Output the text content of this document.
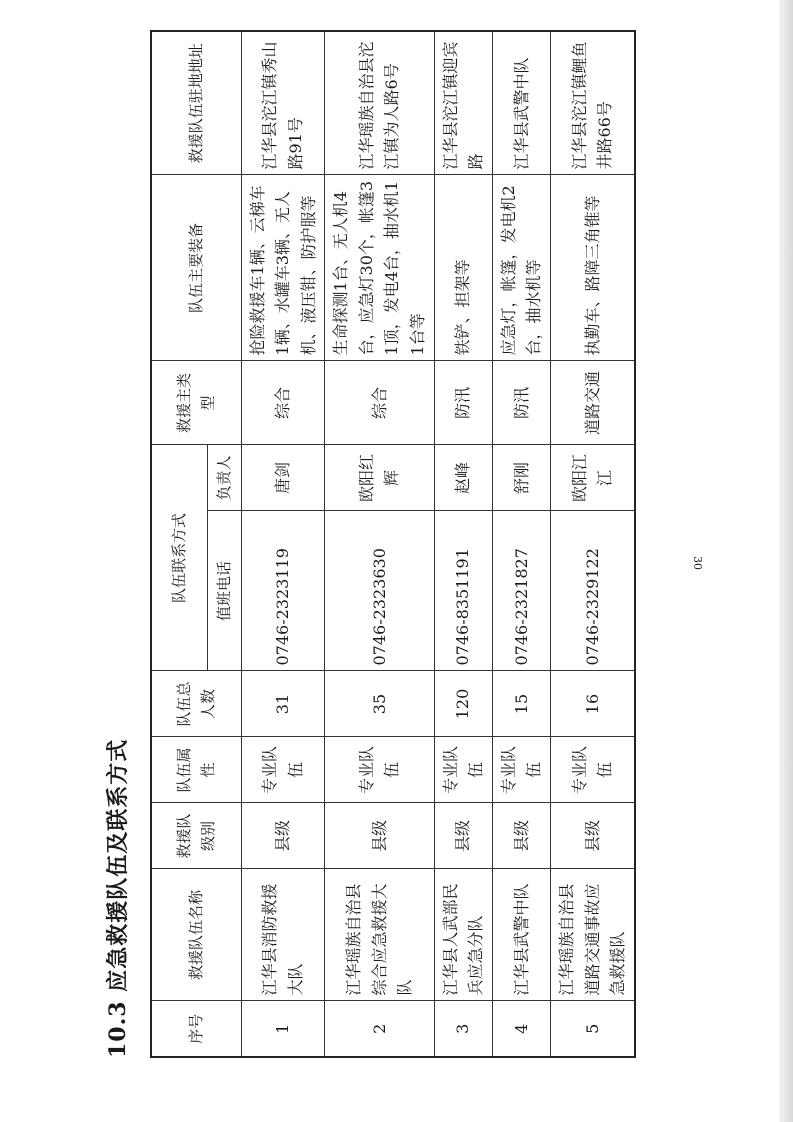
10.3 应急救援队伍及联系方式	序号	救援队伍名称	救援队级别	队伍属性	队伍总人数	队伍联系方式		救援主类型	队伍主要装备	救援队伍驻地地址
					值班电话	负责人			
1	江华县消防救援大队	县级	专业队伍	31	0746-2323119	唐剑	综合	抢险救援车1辆、云梯车1辆、水罐车3辆、无人机、液压钳、防护服等	江华县沱江镇秀山路91号
2	江华瑶族自治县综合应急救援大队	县级	专业队伍	35	0746-2323630	欧阳红辉	综合	生命探测1台、无人机4台，应急灯30个，帐篷31顶，发电4台，抽水机11台等	江华瑶族自治县沱江镇为人路6号
3	江华县人武部民兵应急分队	县级	专业队伍	120	0746-8351191	赵峰	防汛	铁铲、担架等	江华县沱江镇迎宾路
4	江华县武警中队	县级	专业队伍	15	0746-2321827	舒刚	防汛	应急灯，帐篷，发电机2台，抽水机等	江华县武警中队
5	江华瑶族自治县道路交通事故应急救援队	县级	专业队伍	16	0746-2329122	欧阳江江	道路交通	执勤车、路障三角锥等	江华县沱江镇鲤鱼井路66号
30
